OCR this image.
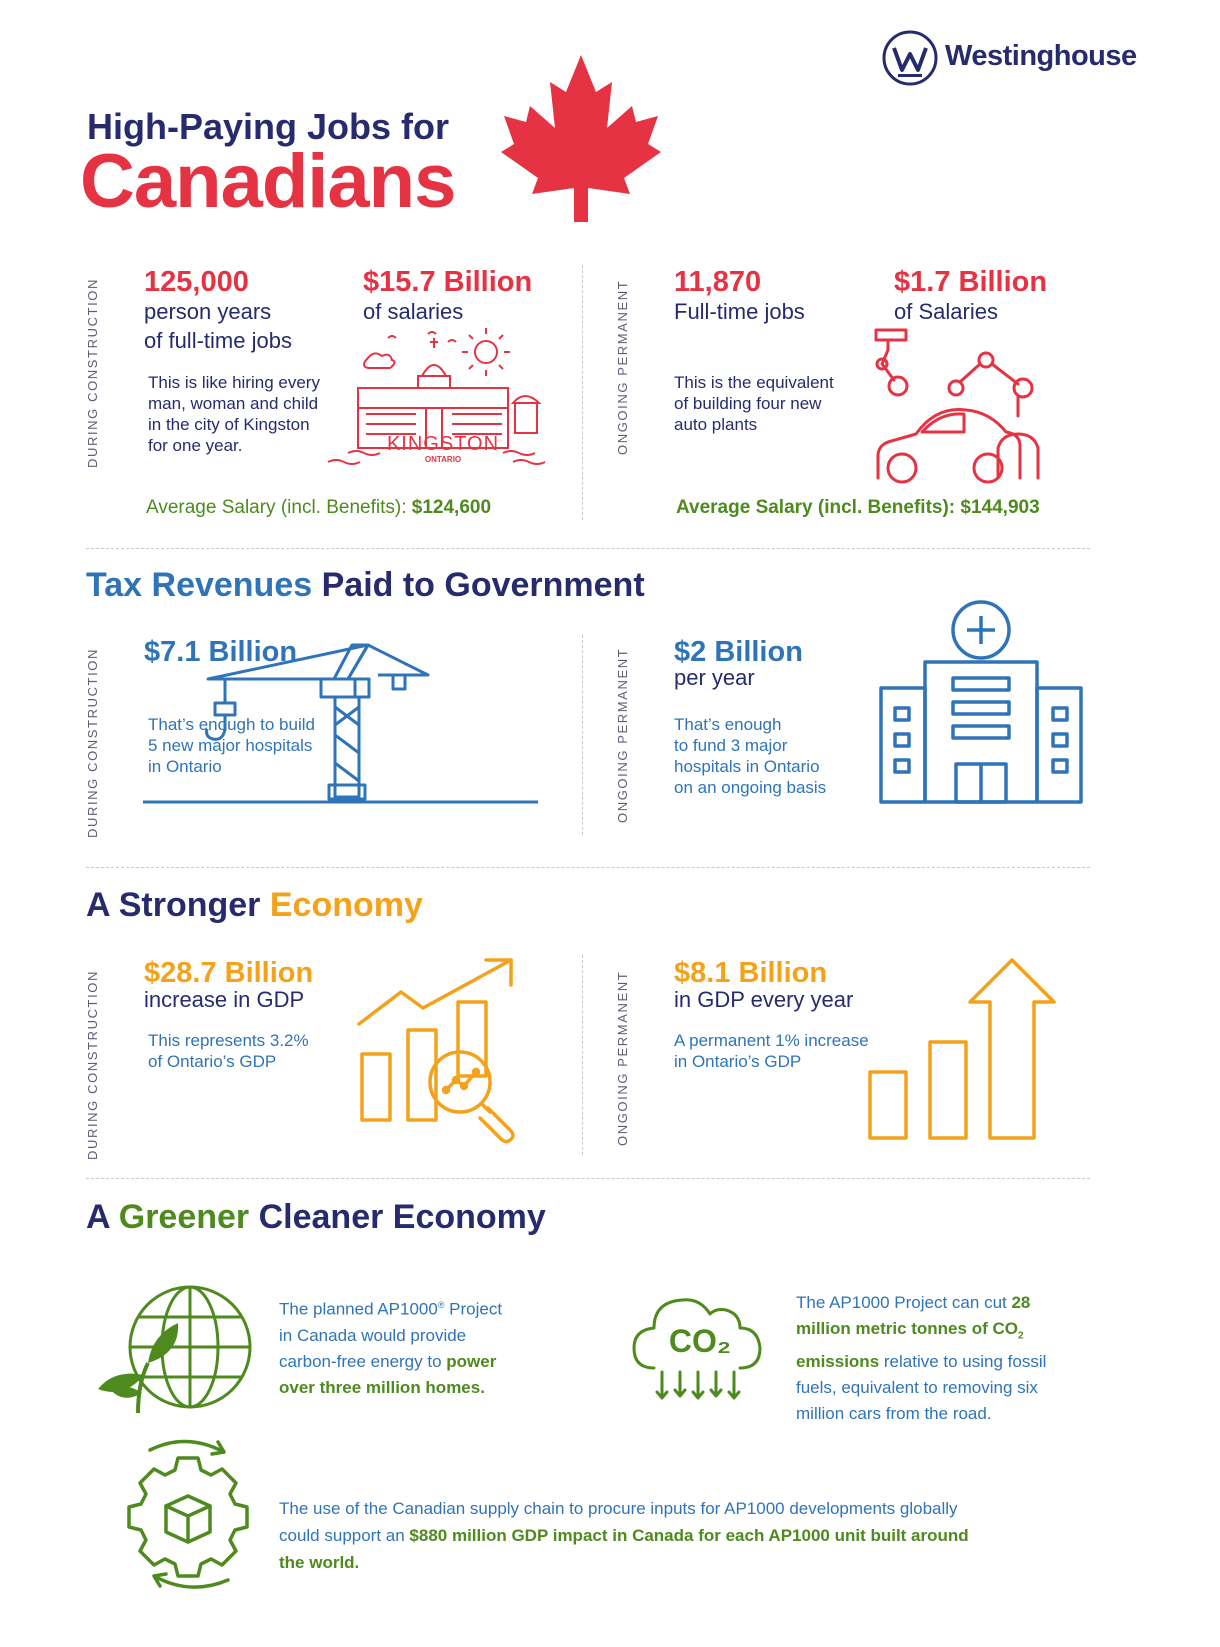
Westinghouse
High-Paying Jobs for
Canadians
DURING CONSTRUCTION	ONGOING PERMANENT
125,000
person years
of full-time jobs
$15.7 Billion
of salaries
This is like hiring every
man, woman and child
in the city of Kingston
for one year.	KINGSTON
ONTARIO
Average Salary (incl. Benefits): $124,600
11,870
Full-time jobs
$1.7 Billion
of Salaries
This is the equivalent
of building four new
auto plants
Average Salary (incl. Benefits): $144,903
Tax Revenues Paid to Government
DURING CONSTRUCTION	ONGOING PERMANENT
$7.1 Billion
That’s enough to build
5 new major hospitals
in Ontario
$2 Billion
per year
That’s enough
to fund 3 major
hospitals in Ontario
on an ongoing basis
A Stronger Economy
DURING CONSTRUCTION	ONGOING PERMANENT
$28.7 Billion
increase in GDP
This represents 3.2%
of Ontario’s GDP
$8.1 Billion
in GDP every year
A permanent 1% increase
in Ontario’s GDP
A Greener Cleaner Economy
The planned AP1000® Project
in Canada would provide
carbon-free energy to power
over three million homes.
CO₂
The AP1000 Project can cut 28
million metric tonnes of $CO_2$
emissions relative to using fossil
fuels, equivalent to removing six
million cars from the road.
The use of the Canadian supply chain to procure inputs for AP1000 developments globally
could support an $880 million GDP impact in Canada for each AP1000 unit built around
the world.
